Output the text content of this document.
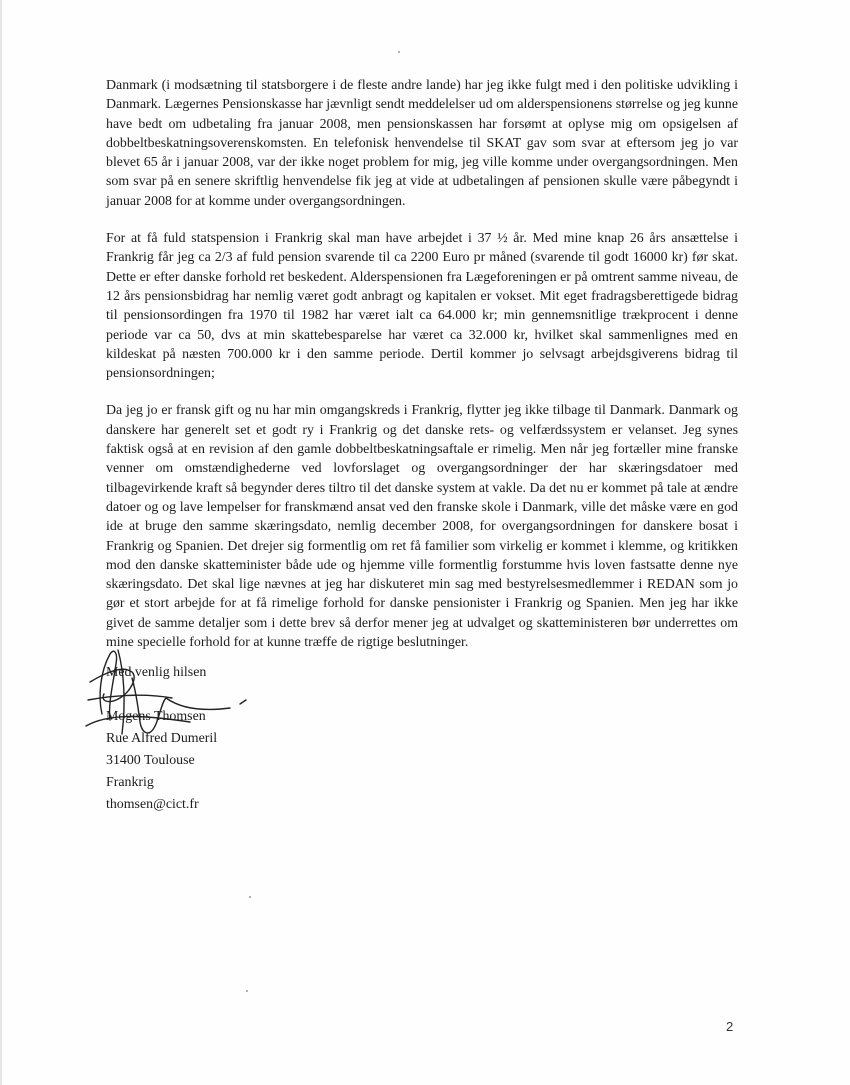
Danmark (i modsætning til statsborgere i de fleste andre lande) har jeg ikke fulgt med i den politiske udvikling i Danmark. Lægernes Pensionskasse har jævnligt sendt meddelelser ud om alderspensionens størrelse og jeg kunne have bedt om udbetaling fra januar 2008, men pensionskassen har forsømt at oplyse mig om opsigelsen af dobbeltbeskatningsoverenskomsten. En telefonisk henvendelse til SKAT gav som svar at eftersom jeg jo var blevet 65 år i januar 2008, var der ikke noget problem for mig, jeg ville komme under overgangsordningen. Men som svar på en senere skriftlig henvendelse fik jeg at vide at udbetalingen af pensionen skulle være påbegyndt i januar 2008 for at komme under overgangsordningen.

For at få fuld statspension i Frankrig skal man have arbejdet i 37 ½ år. Med mine knap 26 års ansættelse i Frankrig får jeg ca 2/3 af fuld pension svarende til ca 2200 Euro pr måned (svarende til godt 16000 kr) før skat. Dette er efter danske forhold ret beskedent. Alderspensionen fra Lægeforeningen er på omtrent samme niveau, de 12 års pensionsbidrag har nemlig været godt anbragt og kapitalen er vokset. Mit eget fradragsberettigede bidrag til pensionsordingen fra 1970 til 1982 har været ialt ca 64.000 kr; min gennemsnitlige trækprocent i denne periode var ca 50, dvs at min skattebesparelse har været ca 32.000 kr, hvilket skal sammenlignes med en kildeskat på næsten 700.000 kr i den samme periode. Dertil kommer jo selvsagt arbejdsgiverens bidrag til pensionsordningen;

Da jeg jo er fransk gift og nu har min omgangskreds i Frankrig, flytter jeg ikke tilbage til Danmark. Danmark og danskere har generelt set et godt ry i Frankrig og det danske rets- og velfærdssystem er velanset. Jeg synes faktisk også at en revision af den gamle dobbeltbeskatningsaftale er rimelig. Men når jeg fortæller mine franske venner om omstændighederne ved lovforslaget og overgangsordninger der har skæringsdatoer med tilbagevirkende kraft så begynder deres tiltro til det danske system at vakle. Da det nu er kommet på tale at ændre datoer og og lave lempelser for franskmænd ansat ved den franske skole i Danmark, ville det måske være en god ide at bruge den samme skæringsdato, nemlig december 2008, for overgangsordningen for danskere bosat i Frankrig og Spanien. Det drejer sig formentlig om ret få familier som virkelig er kommet i klemme, og kritikken mod den danske skatteminister både ude og hjemme ville formentlig forstumme hvis loven fastsatte denne nye skæringsdato. Det skal lige nævnes at jeg har diskuteret min sag med bestyrelsesmedlemmer i REDAN som jo gør et stort arbejde for at få rimelige forhold for danske pensionister i Frankrig og Spanien. Men jeg har ikke givet de samme detaljer som i dette brev så derfor mener jeg at udvalget og skatteministeren bør underrettes om mine specielle forhold for at kunne træffe de rigtige beslutninger.

Med venlig hilsen
Mogens Thomsen
Rue Alfred Dumeril
31400 Toulouse
Frankrig
thomsen@cict.fr
2
